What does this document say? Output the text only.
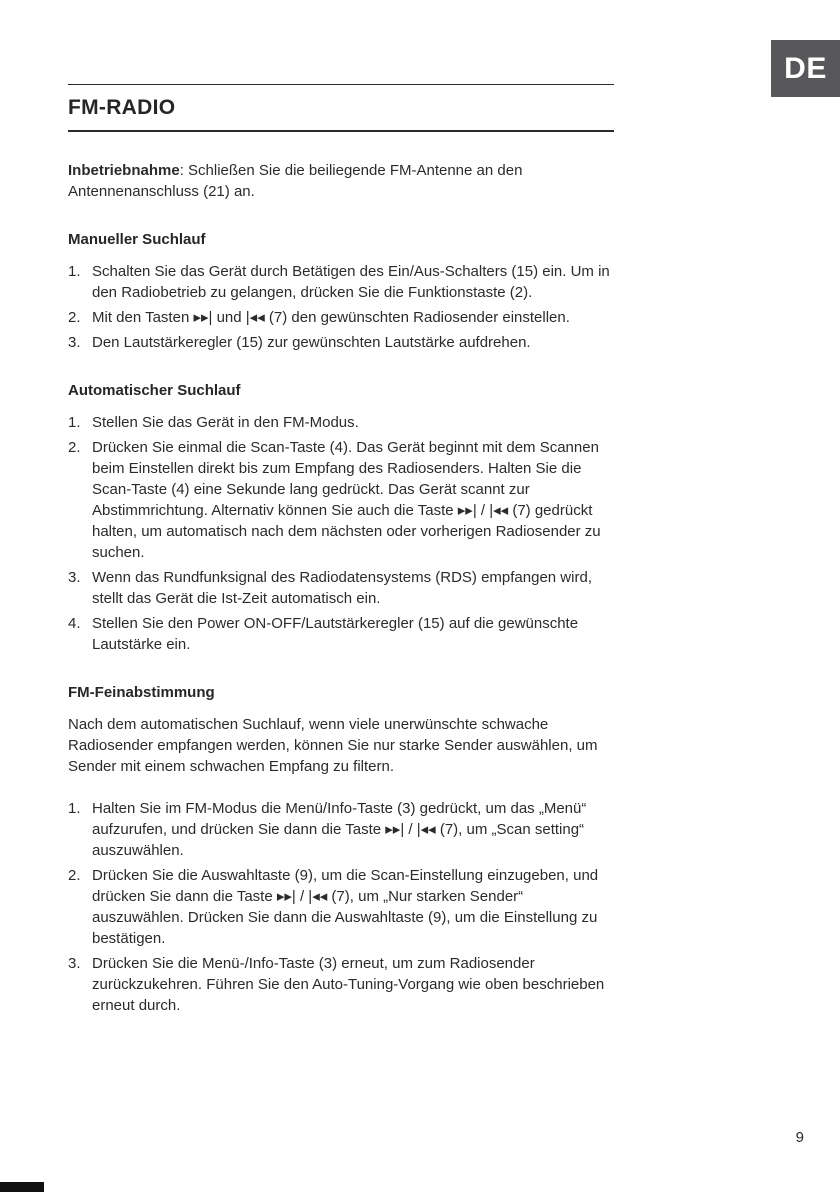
DE
FM-RADIO

Inbetriebnahme: Schließen Sie die beiliegende FM-Antenne an den Antennenanschluss (21) an.

Manueller Suchlauf
1. Schalten Sie das Gerät durch Betätigen des Ein/Aus-Schalters (15) ein. Um in den Radiobetrieb zu gelangen, drücken Sie die Funktionstaste (2).
2. Mit den Tasten ▸▸| und |◂◂ (7) den gewünschten Radiosender einstellen.
3. Den Lautstärkeregler (15) zur gewünschten Lautstärke aufdrehen.
Automatischer Suchlauf
1. Stellen Sie das Gerät in den FM-Modus.
2. Drücken Sie einmal die Scan-Taste (4). Das Gerät beginnt mit dem Scannen beim Einstellen direkt bis zum Empfang des Radiosenders. Halten Sie die Scan-Taste (4) eine Sekunde lang gedrückt. Das Gerät scannt zur Abstimmrichtung. Alternativ können Sie auch die Taste ▸▸| / |◂◂ (7) gedrückt halten, um automatisch nach dem nächsten oder vorherigen Radiosender zu suchen.
3. Wenn das Rundfunksignal des Radiodatensystems (RDS) empfangen wird, stellt das Gerät die Ist-Zeit automatisch ein.
4. Stellen Sie den Power ON-OFF/Lautstärkeregler (15) auf die gewünschte Lautstärke ein.
FM-Feinabstimmung

Nach dem automatischen Suchlauf, wenn viele unerwünschte schwache Radiosender empfangen werden, können Sie nur starke Sender auswählen, um Sender mit einem schwachen Empfang zu filtern.

1. Halten Sie im FM-Modus die Menü/Info-Taste (3) gedrückt, um das „Menü“ aufzurufen, und drücken Sie dann die Taste ▸▸| / |◂◂ (7), um „Scan setting“ auszuwählen.
2. Drücken Sie die Auswahltaste (9), um die Scan-Einstellung einzugeben, und drücken Sie dann die Taste ▸▸| / |◂◂ (7), um „Nur starken Sender“ auszuwählen. Drücken Sie dann die Auswahltaste (9), um die Einstellung zu bestätigen.
3. Drücken Sie die Menü-/Info-Taste (3) erneut, um zum Radiosender zurückzukehren. Führen Sie den Auto-Tuning-Vorgang wie oben beschrieben erneut durch.
9
